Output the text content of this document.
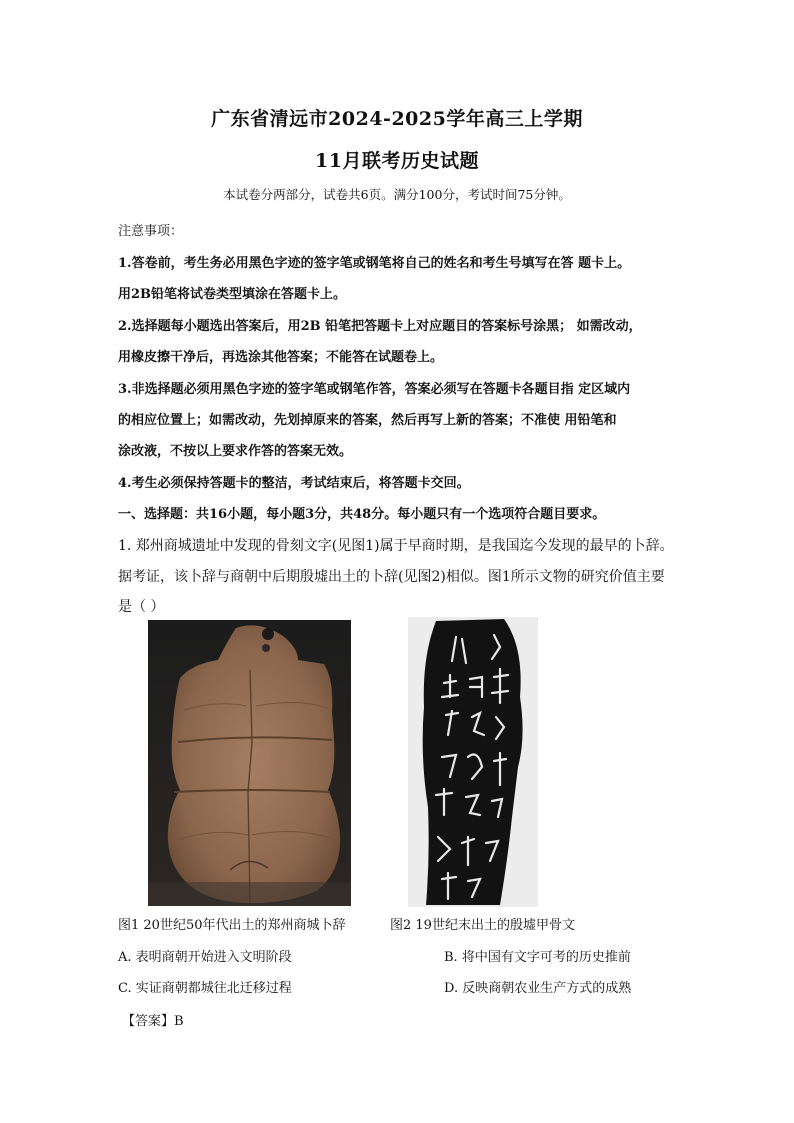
广东省清远市2024-2025学年高三上学期
11月联考历史试题
本试卷分两部分，试卷共6页。满分100分，考试时间75分钟。
注意事项：
1.答卷前，考生务必用黑色字迹的签字笔或钢笔将自己的姓名和考生号填写在答 题卡上。
用2B铅笔将试卷类型填涂在答题卡上。
2.选择题每小题选出答案后，用2B 铅笔把答题卡上对应题目的答案标号涂黑； 如需改动，
用橡皮擦干净后，再选涂其他答案；不能答在试题卷上。
3.非选择题必须用黑色字迹的签字笔或钢笔作答，答案必须写在答题卡各题目指 定区域内
的相应位置上；如需改动，先划掉原来的答案，然后再写上新的答案；不准使 用铅笔和
涂改液，不按以上要求作答的答案无效。
4.考生必须保持答题卡的整洁，考试结束后，将答题卡交回。
一、选择题：共16小题，每小题3分，共48分。每小题只有一个选项符合题目要求。
1. 郑州商城遗址中发现的骨刻文字(见图1)属于早商时期，是我国迄今发现的最早的卜辞。
据考证，该卜辞与商朝中后期殷墟出土的卜辞(见图2)相似。图1所示文物的研究价值主要
是（ ）
图1 20世纪50年代出土的郑州商城卜辞	图2 19世纪末出土的殷墟甲骨文
A. 表明商朝开始进入文明阶段	B. 将中国有文字可考的历史推前
C. 实证商朝都城往北迁移过程	D. 反映商朝农业生产方式的成熟
【答案】B
